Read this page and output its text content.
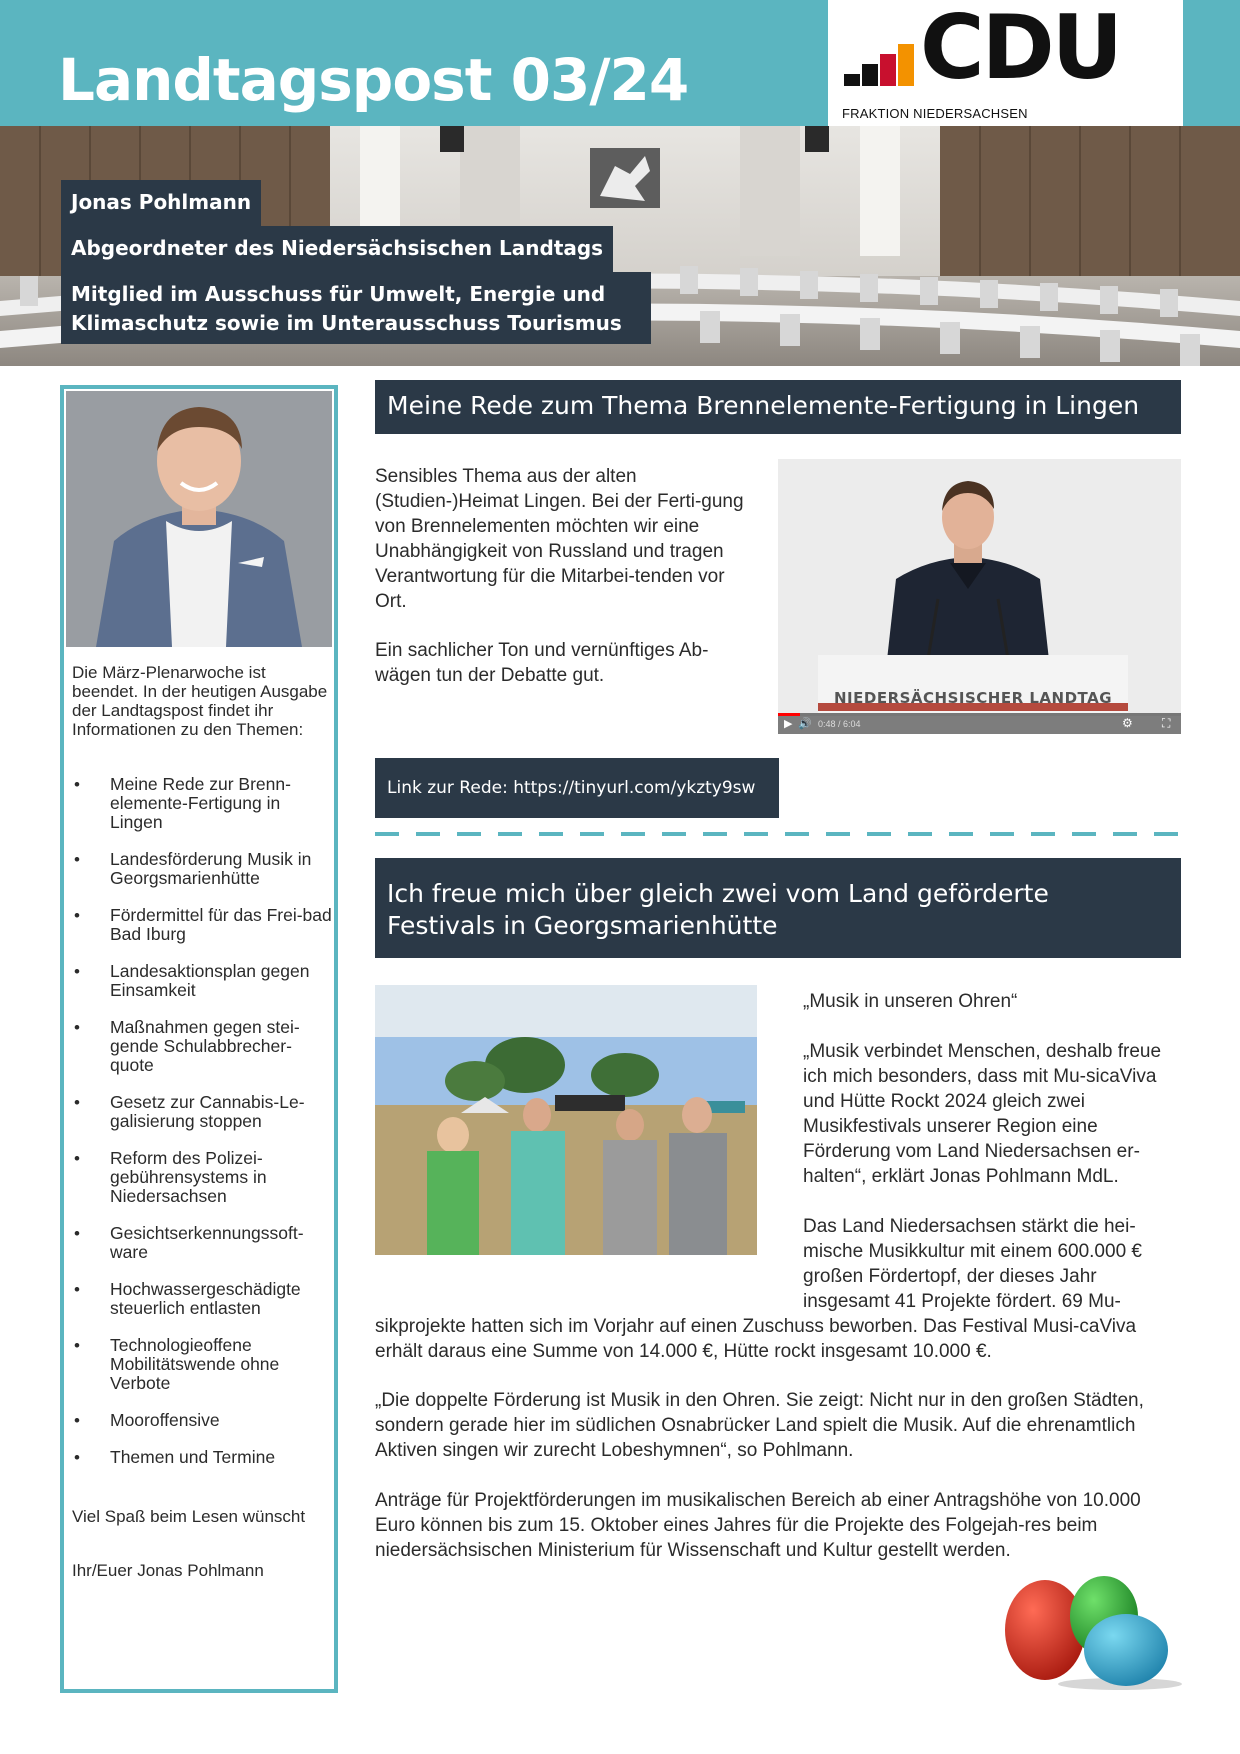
Landtagspost 03/24	CDU
FRAKTION NIEDERSACHSEN
Jonas Pohlmann
Abgeordneter des Niedersächsischen Landtags
Mitglied im Ausschuss für Umwelt, Energie und
Klimaschutz sowie im Unterausschuss Tourismus
Die März-Plenarwoche ist beendet. In der heutigen Ausgabe der Landtagspost findet ihr Informationen zu den Themen:
• Meine Rede zur Brenn-elemente-Fertigung in Lingen
• Landesförderung Musik in Georgsmarienhütte
• Fördermittel für das Frei-bad Bad Iburg
• Landesaktionsplan gegen Einsamkeit
• Maßnahmen gegen stei-gende Schulabbrecher-quote
• Gesetz zur Cannabis-Le-galisierung stoppen
• Reform des Polizei-gebührensystems in Niedersachsen
• Gesichtserkennungssoft-ware
• Hochwassergeschädigte steuerlich entlasten
• Technologieoffene Mobilitätswende ohne Verbote
• Mooroffensive
• Themen und Termine
Viel Spaß beim Lesen wünscht
Ihr/Euer Jonas Pohlmann
Meine Rede zum Thema Brennelemente-Fertigung in Lingen
Sensibles Thema aus der alten (Studien-)Heimat Lingen. Bei der Ferti-gung von Brennelementen möchten wir eine Unabhängigkeit von Russland und tragen Verantwortung für die Mitarbei-tenden vor Ort.
Ein sachlicher Ton und vernünftiges Ab-wägen tun der Debatte gut.
NIEDERSÄCHSISCHER LANDTAG
▶ 🔊 0:48 / 6:04	⚙ ⛶
Link zur Rede: https://tinyurl.com/ykzty9sw
Ich freue mich über gleich zwei vom Land geförderte
Festivals in Georgsmarienhütte
„Musik in unseren Ohren“
„Musik verbindet Menschen, deshalb freue ich mich besonders, dass mit Mu-sicaViva und Hütte Rockt 2024 gleich zwei Musikfestivals unserer Region eine Förderung vom Land Niedersachsen er-halten“, erklärt Jonas Pohlmann MdL.
Das Land Niedersachsen stärkt die hei-mische Musikkultur mit einem 600.000 € großen Fördertopf, der dieses Jahr insgesamt 41 Projekte fördert. 69 Mu-
sikprojekte hatten sich im Vorjahr auf einen Zuschuss beworben. Das Festival Musi-caViva erhält daraus eine Summe von 14.000 €, Hütte rockt insgesamt 10.000 €.
„Die doppelte Förderung ist Musik in den Ohren. Sie zeigt: Nicht nur in den großen Städten, sondern gerade hier im südlichen Osnabrücker Land spielt die Musik. Auf die ehrenamtlich Aktiven singen wir zurecht Lobeshymnen“, so Pohlmann.
Anträge für Projektförderungen im musikalischen Bereich ab einer Antragshöhe von 10.000 Euro können bis zum 15. Oktober eines Jahres für die Projekte des Folgejah-res beim niedersächsischen Ministerium für Wissenschaft und Kultur gestellt werden.
